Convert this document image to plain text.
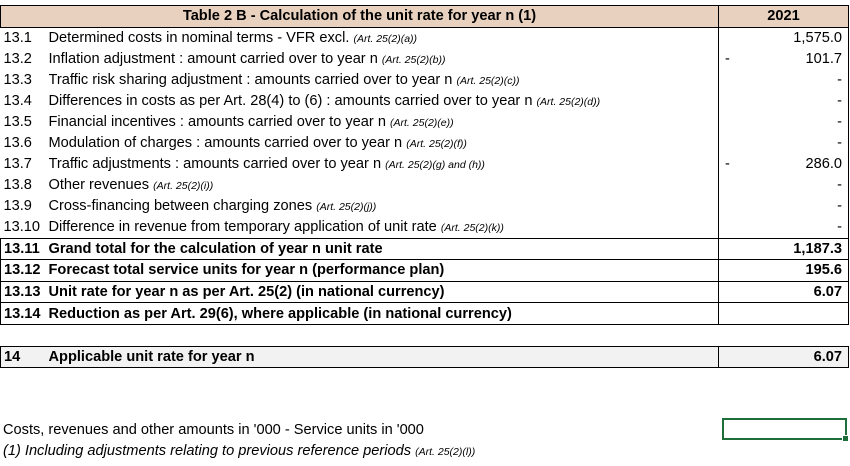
Table 2 B - Calculation of the unit rate for year n (1)		2021
13.1	Determined costs in nominal terms - VFR excl. (Art. 25(2)(a))	1,575.0
13.2	Inflation adjustment : amount carried over to year n (Art. 25(2)(b))	- 101.7
13.3	Traffic risk sharing adjustment : amounts carried over to year n (Art. 25(2)(c))	-
13.4	Differences in costs as per Art. 28(4) to (6) : amounts carried over to year n (Art. 25(2)(d))	-
13.5	Financial incentives : amounts carried over to year n (Art. 25(2)(e))	-
13.6	Modulation of charges : amounts carried over to year n (Art. 25(2)(f))	-
13.7	Traffic adjustments : amounts carried over to year n (Art. 25(2)(g) and (h))	- 286.0
13.8	Other revenues (Art. 25(2)(i))	-
13.9	Cross-financing between charging zones (Art. 25(2)(j))	-
13.10	Difference in revenue from temporary application of unit rate (Art. 25(2)(k))	-
13.11	Grand total for the calculation of year n unit rate	1,187.3
13.12	Forecast total service units for year n (performance plan)	195.6
13.13	Unit rate for year n as per Art. 25(2) (in national currency)	6.07
13.14	Reduction as per Art. 29(6), where applicable (in national currency)	

14	Applicable unit rate for year n	6.07
Costs, revenues and other amounts in '000 - Service units in '000
(1) Including adjustments relating to previous reference periods (Art. 25(2)(l))
